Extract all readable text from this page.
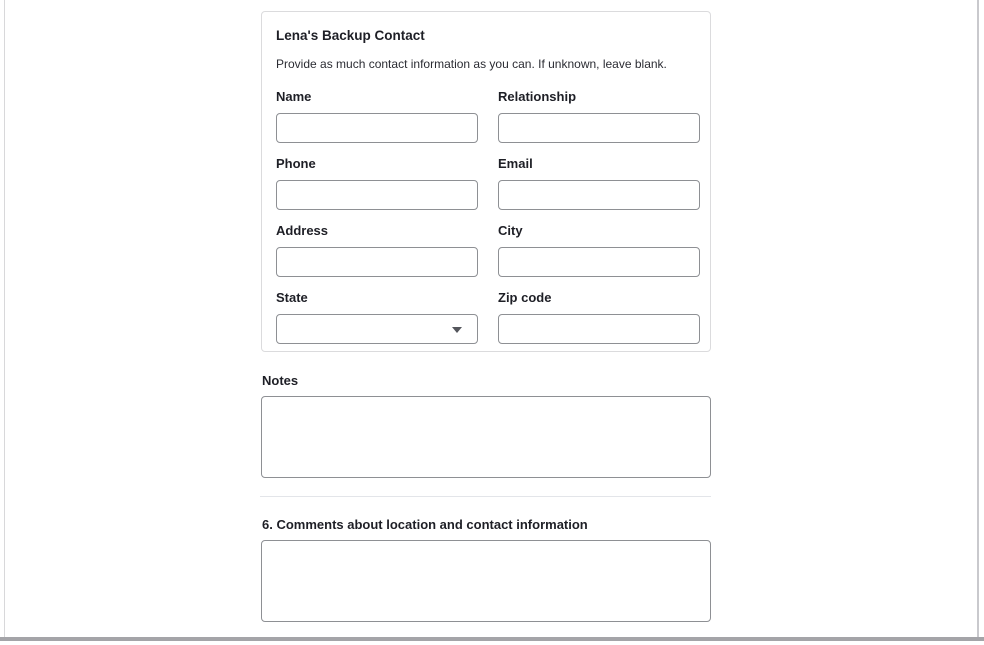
Lena's Backup Contact
Provide as much contact information as you can. If unknown, leave blank.
Name	Relationship
Phone	Email
Address	City
State	Zip code
Notes
6. Comments about location and contact information
